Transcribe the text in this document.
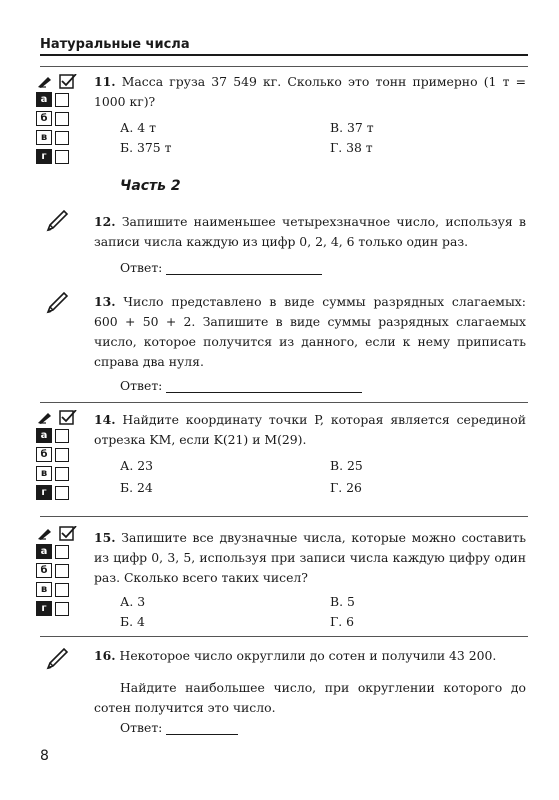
Натуральные числа
а
б
в
г

11. Масса груза 37 549 кг. Сколько это тонн примерно (1 т = 1000 кг)?

А. 4 т	В. 37 т
Б. 375 т	Г. 38 т
Часть 2

12. Запишите наименьшее четырехзначное число, используя в записи числа каждую из цифр 0, 2, 4, 6 только один раз.

Ответ:

13. Число представлено в виде суммы разрядных слагаемых: 600 + 50 + 2. Запишите в виде суммы разрядных слагаемых число, которое получится из данного, если к нему приписать справа два нуля.

Ответ:
а
б
в
г

14. Найдите координату точки P, которая является серединой отрезка KM, если K(21) и M(29).

А. 23	В. 25
Б. 24	Г. 26
а
б
в
г

15. Запишите все двузначные числа, которые можно составить из цифр 0, 3, 5, используя при записи числа каждую цифру один раз. Сколько всего таких чисел?

А. 3	В. 5
Б. 4	Г. 6

16. Некоторое число округлили до сотен и получили 43 200.

Найдите наибольшее число, при округлении которого до сотен получится это число.

Ответ:
8
